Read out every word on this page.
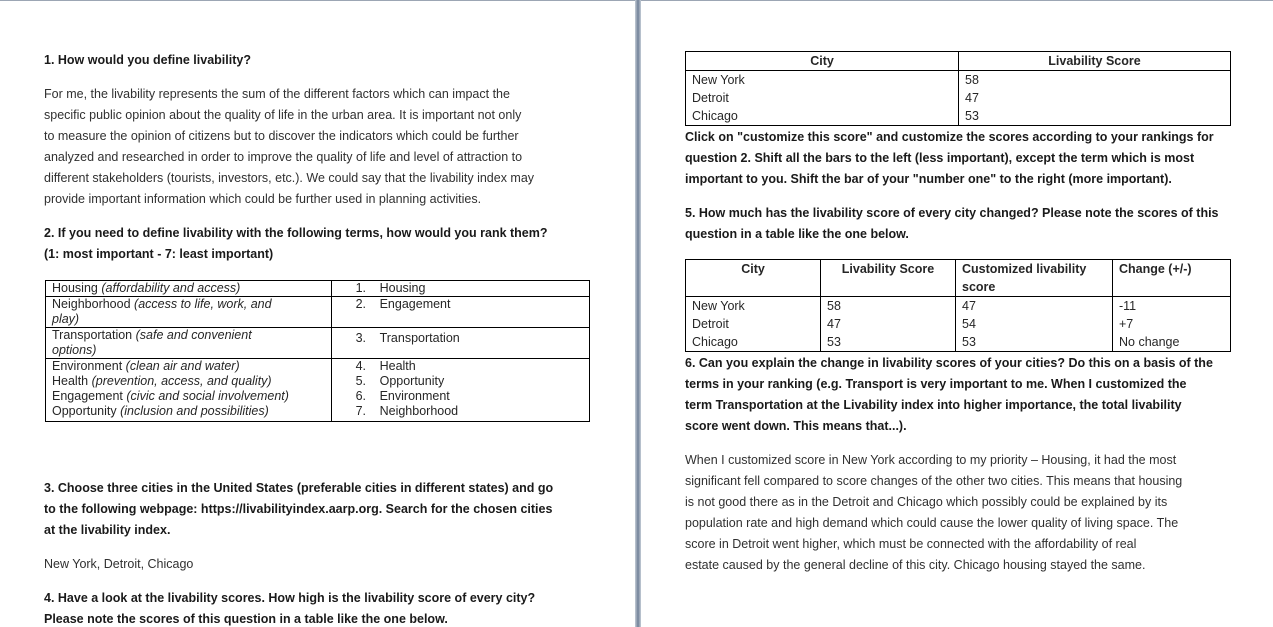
1. How would you define livability?

For me, the livability represents the sum of the different factors which can impact the

specific public opinion about the quality of life in the urban area. It is important not only

to measure the opinion of citizens but to discover the indicators which could be further

analyzed and researched in order to improve the quality of life and level of attraction to

different stakeholders (tourists, investors, etc.). We could say that the livability index may

provide important information which could be further used in planning activities.

2. If you need to define livability with the following terms, how would you rank them?

(1: most important - 7: least important)

Housing (affordability and access)	1. Housing
Neighborhood (access to life, work, and
play)	2. Engagement
Transportation (safe and convenient
options)	3. Transportation
Environment (clean air and water)	4. Health
Health (prevention, access, and quality)	5. Opportunity
Engagement (civic and social involvement)	6. Environment
Opportunity (inclusion and possibilities)	7. Neighborhood

3. Choose three cities in the United States (preferable cities in different states) and go

to the following webpage: https://livabilityindex.aarp.org. Search for the chosen cities

at the livability index.

New York, Detroit, Chicago

4. Have a look at the livability scores. How high is the livability score of every city?

Please note the scores of this question in a table like the one below.

City	Livability Score
New York	58
Detroit	47
Chicago	53

Click on "customize this score" and customize the scores according to your rankings for

question 2. Shift all the bars to the left (less important), except the term which is most

important to you. Shift the bar of your "number one" to the right (more important).

5. How much has the livability score of every city changed? Please note the scores of this

question in a table like the one below.

City	Livability Score	Customized livability
score	Change (+/-)
New York	58	47	-11
Detroit	47	54	+7
Chicago	53	53	No change

6. Can you explain the change in livability scores of your cities? Do this on a basis of the

terms in your ranking (e.g. Transport is very important to me. When I customized the

term Transportation at the Livability index into higher importance, the total livability

score went down. This means that...).

When I customized score in New York according to my priority – Housing, it had the most

significant fell compared to score changes of the other two cities. This means that housing

is not good there as in the Detroit and Chicago which possibly could be explained by its

population rate and high demand which could cause the lower quality of living space. The

score in Detroit went higher, which must be connected with the affordability of real

estate caused by the general decline of this city. Chicago housing stayed the same.
